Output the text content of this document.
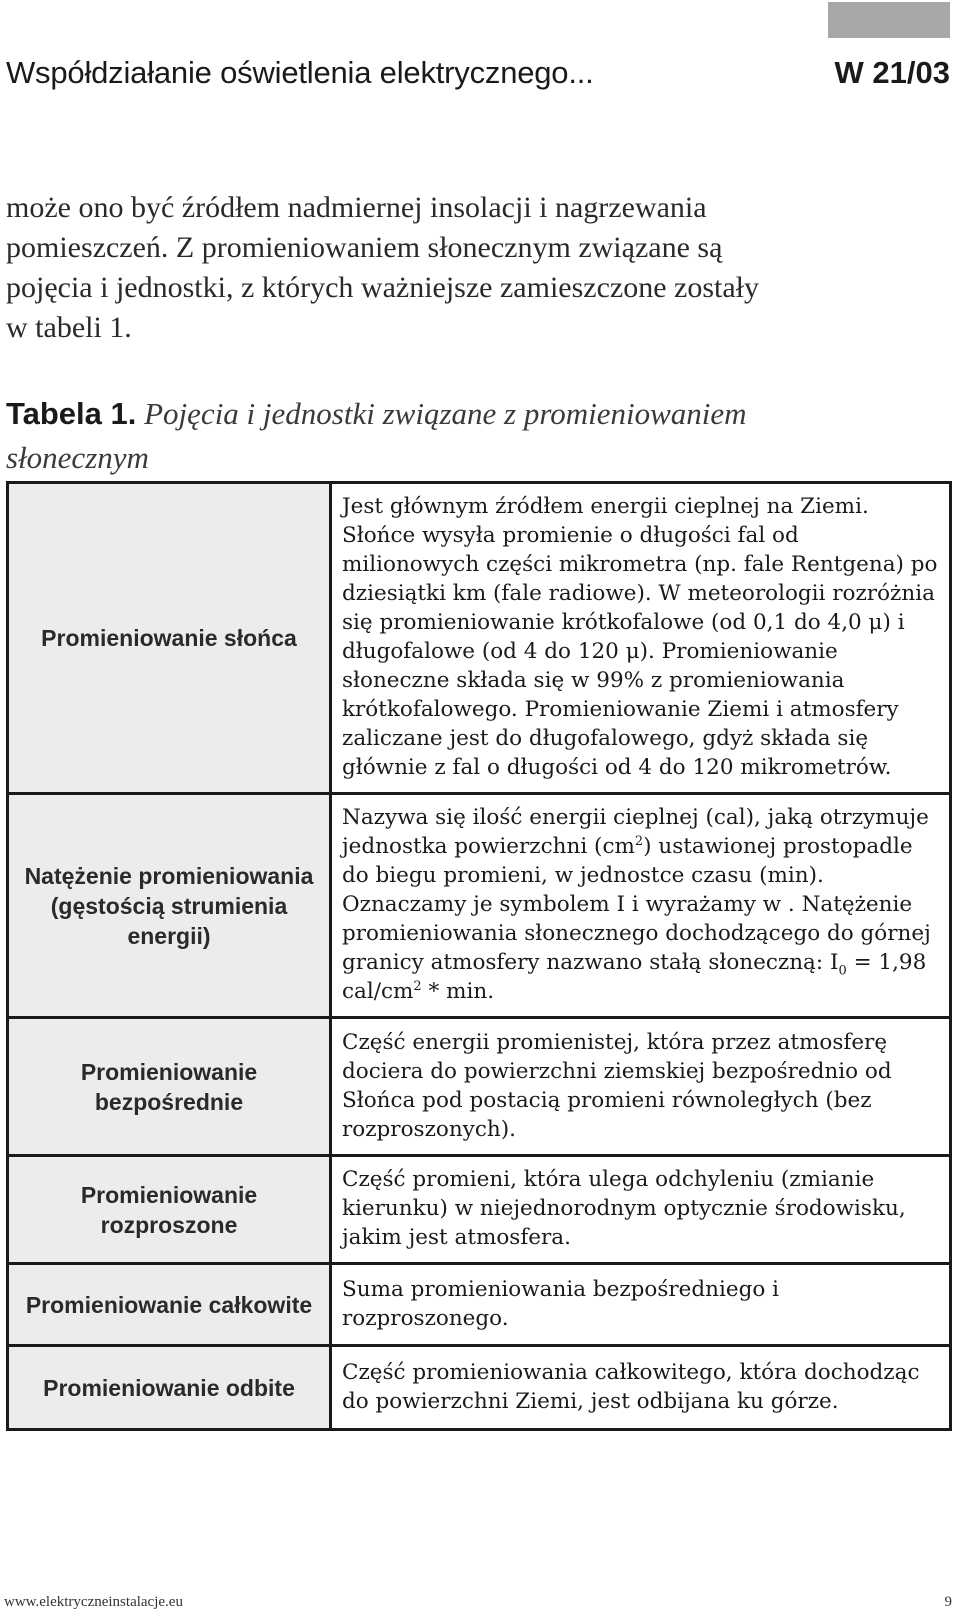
Współdziałanie oświetlenia elektrycznego...	W 21/03

może ono być źródłem nadmiernej insolacji i nagrzewania pomieszczeń. Z promieniowaniem słonecznym związane są pojęcia i jednostki, z których ważniejsze zamieszczone zostały w tabeli 1.

Tabela 1. Pojęcia i jednostki związane z promieniowaniem słonecznym

Promieniowanie słońca	Jest głównym źródłem energii cieplnej na Ziemi. Słońce wysyła promienie o długości fal od milionowych części mikrometra (np. fale Rentgena) po dziesiątki km (fale radiowe). W meteorologii rozróżnia się promieniowanie krótkofalowe (od 0,1 do 4,0 μ) i długofalowe (od 4 do 120 μ). Promieniowanie słoneczne składa się w 99% z promieniowania krótkofalowego. Promieniowanie Ziemi i atmosfery zaliczane jest do długofalowego, gdyż składa się głównie z fal o długości od 4 do 120 mikrometrów.
Natężenie promieniowania (gęstością strumienia energii)	Nazywa się ilość energii cieplnej (cal), jaką otrzymuje jednostka powierzchni $(cm^2)$ ustawionej prostopadle do biegu promieni, w jednostce czasu (min). Oznaczamy je symbolem I i wyrażamy w . Natężenie promieniowania słonecznego dochodzącego do górnej granicy atmosfery nazwano stałą słoneczną: $I_0 = 1,98$ cal/$cm^2$ * min.
Promieniowanie bezpośrednie	Część energii promienistej, która przez atmosferę dociera do powierzchni ziemskiej bezpośrednio od Słońca pod postacią promieni równoległych (bez rozproszonych).
Promieniowanie rozproszone	Część promieni, która ulega odchyleniu (zmianie kierunku) w niejednorodnym optycznie środowisku, jakim jest atmosfera.
Promieniowanie całkowite	Suma promieniowania bezpośredniego i rozproszonego.
Promieniowanie odbite	Część promieniowania całkowitego, która dochodząc do powierzchni Ziemi, jest odbijana ku górze.
www.elektryczneinstalacje.eu	9
